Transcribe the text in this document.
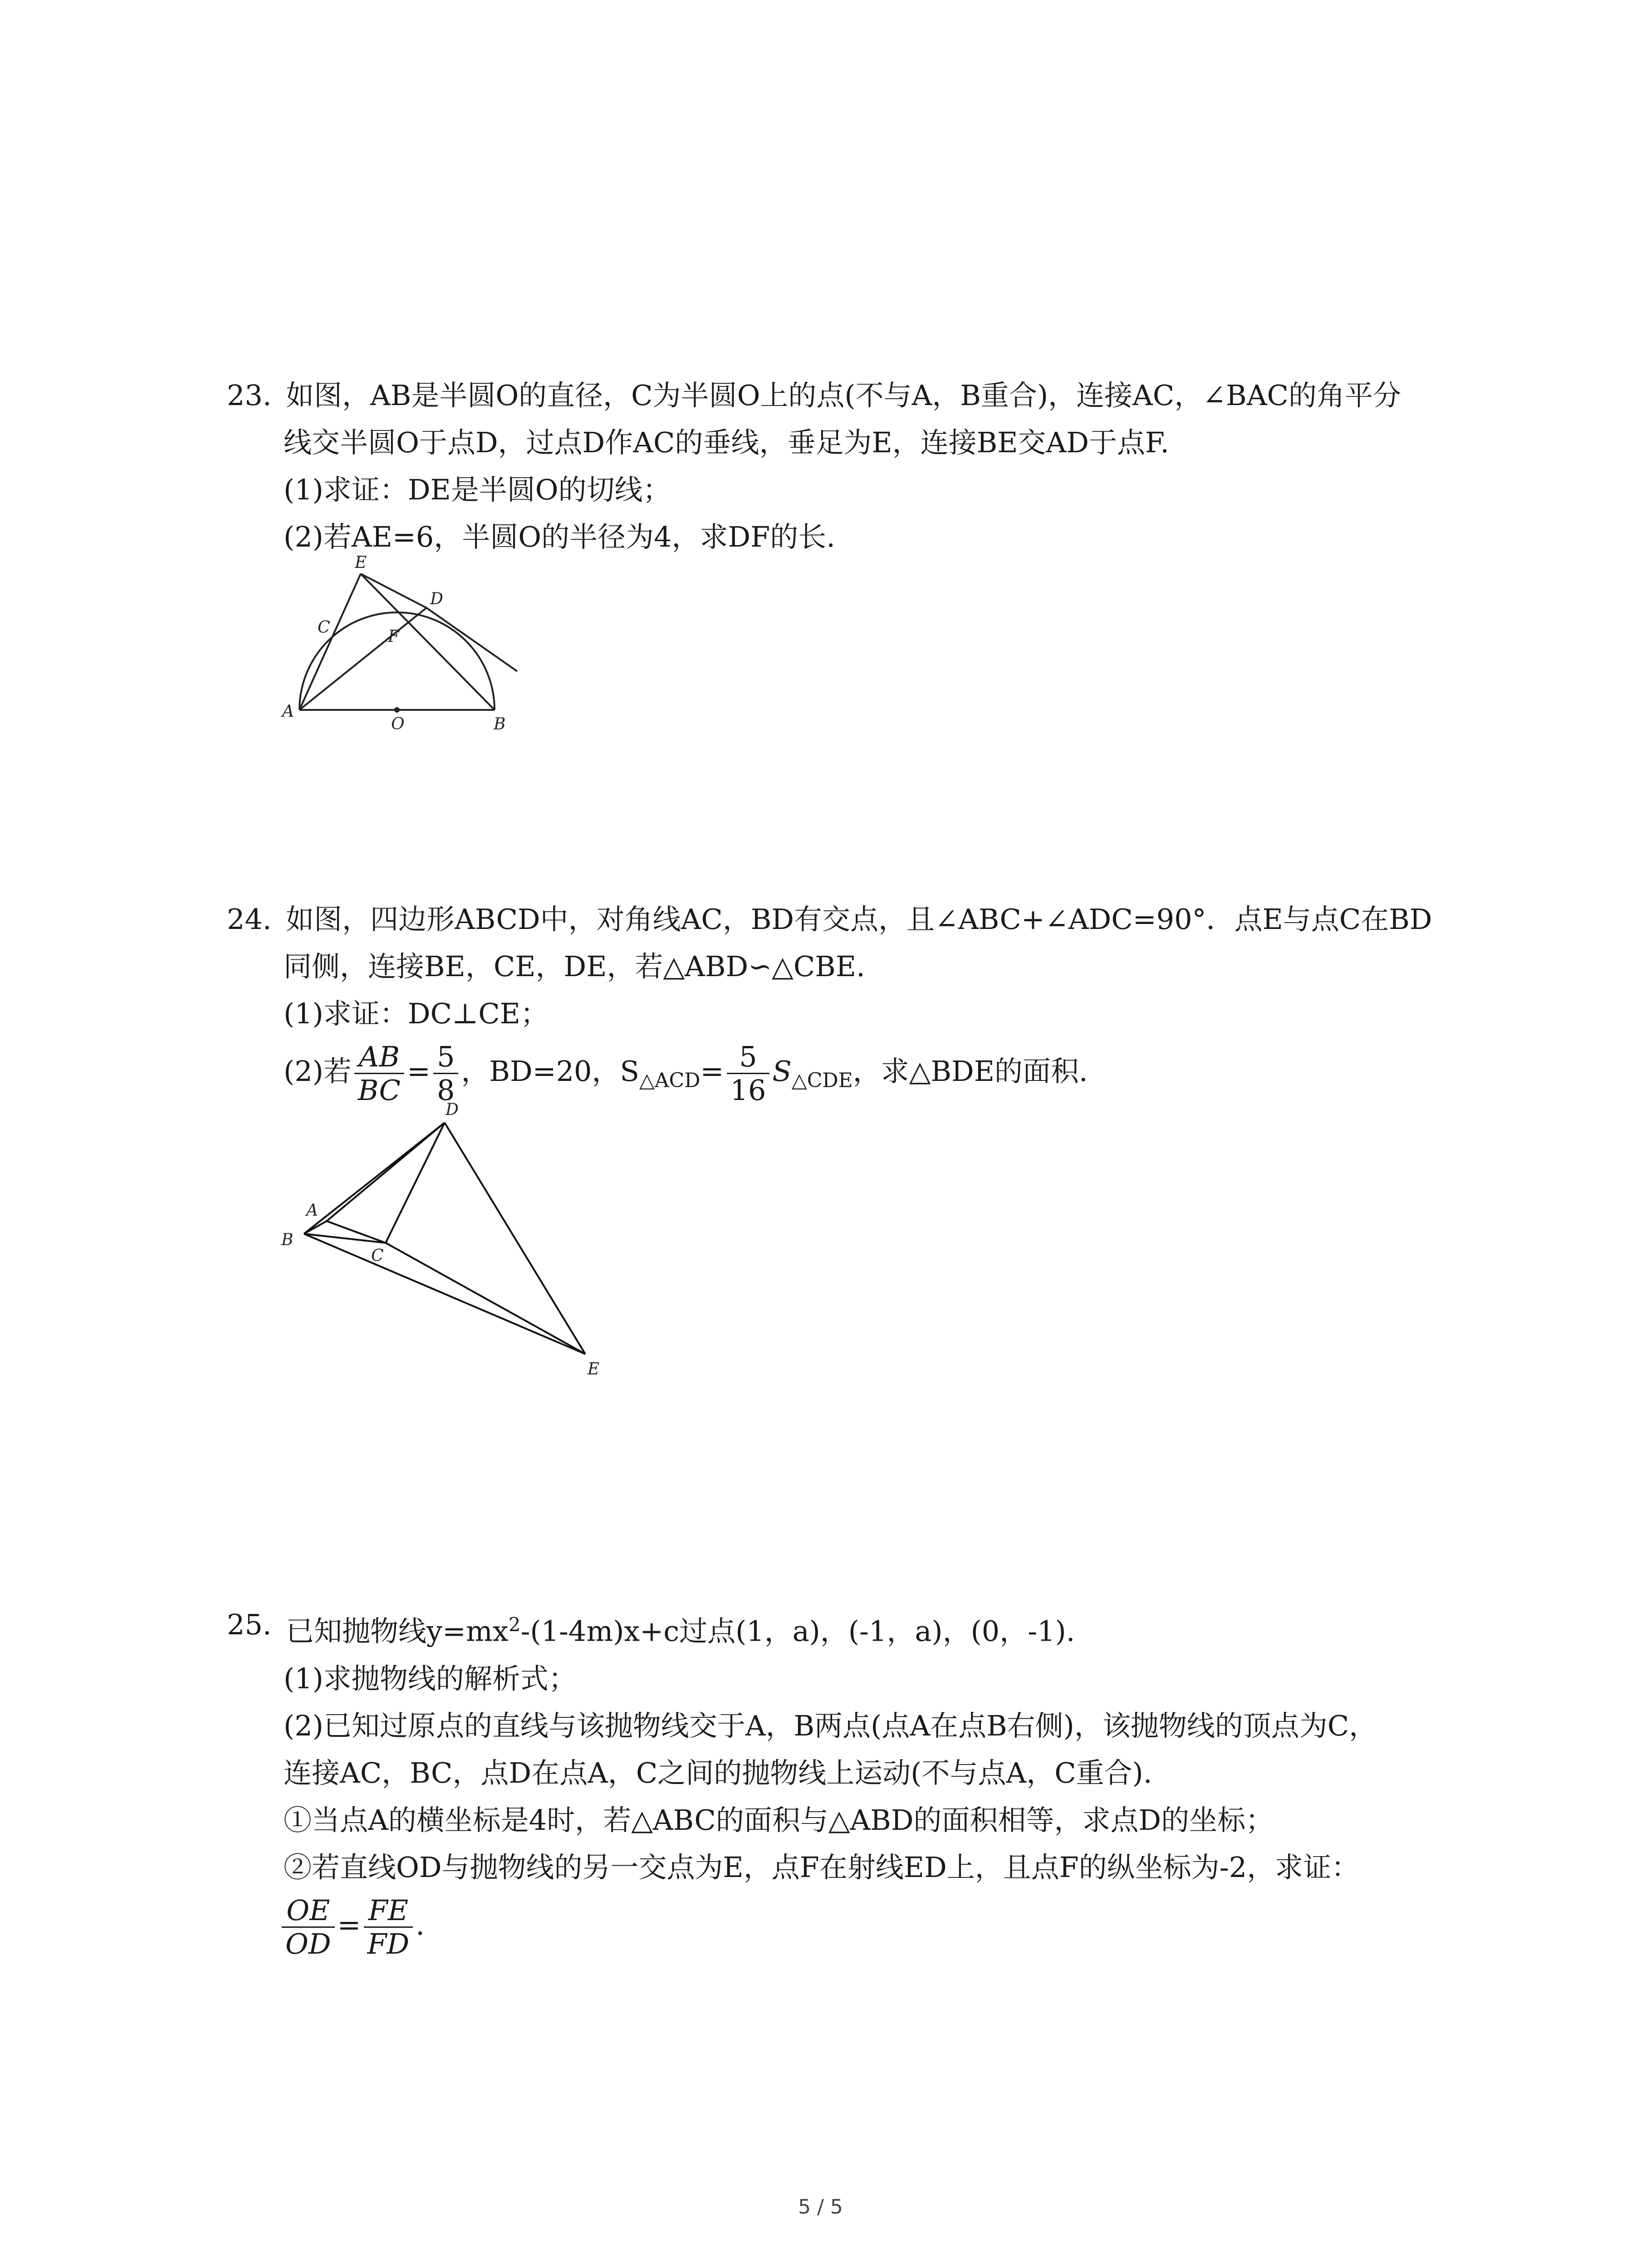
23. 如图，AB是半圆O的直径，C为半圆O上的点(不与A，B重合)，连接AC，∠BAC的角平分
线交半圆O于点D，过点D作AC的垂线，垂足为E，连接BE交AD于点F.
(1)求证：DE是半圆O的切线；
(2)若AE=6，半圆O的半径为4，求DF的长.
E
C
D
F
A
O	B
24. 如图，四边形ABCD中，对角线AC，BD有交点，且∠ABC+∠ADC=90°．点E与点C在BD
同侧，连接BE，CE，DE，若△ABD∽△CBE.
(1)求证：DC⊥CE；
(2)若 $\frac{AB}{BC} = \frac{5}{8}$ ，BD=20，$S_{\triangle ACD}= \frac{5}{16} S_{\triangle CDE}$，求△BDE的面积.
D
A
B
C
E
25. 已知抛物线$y=mx^2-(1-4m)x+c$过点(1，a)，(-1，a)，(0，-1).
(1)求抛物线的解析式；
(2)已知过原点的直线与该抛物线交于A，B两点(点A在点B右侧)，该抛物线的顶点为C，
连接AC，BC，点D在点A，C之间的抛物线上运动(不与点A，C重合).
①当点A的横坐标是4时，若△ABC的面积与△ABD的面积相等，求点D的坐标；
②若直线OD与抛物线的另一交点为E，点F在射线ED上，且点F的纵坐标为-2，求证：
$\frac{OE}{OD} = \frac{FE}{FD}$ .
5 / 5
